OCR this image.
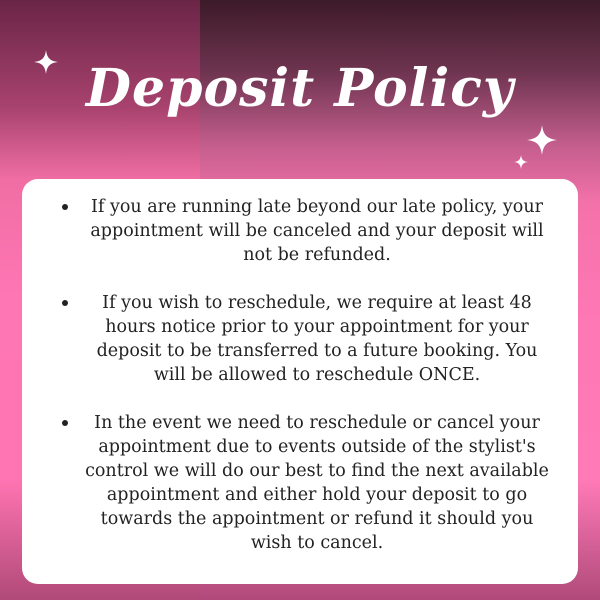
Deposit Policy
If you are running late beyond our late policy, your appointment will be canceled and your deposit will not be refunded.
If you wish to reschedule, we require at least 48 hours notice prior to your appointment for your deposit to be transferred to a future booking. You will be allowed to reschedule ONCE.
In the event we need to reschedule or cancel your appointment due to events outside of the stylist's control we will do our best to find the next available appointment and either hold your deposit to go towards the appointment or refund it should you wish to cancel.
